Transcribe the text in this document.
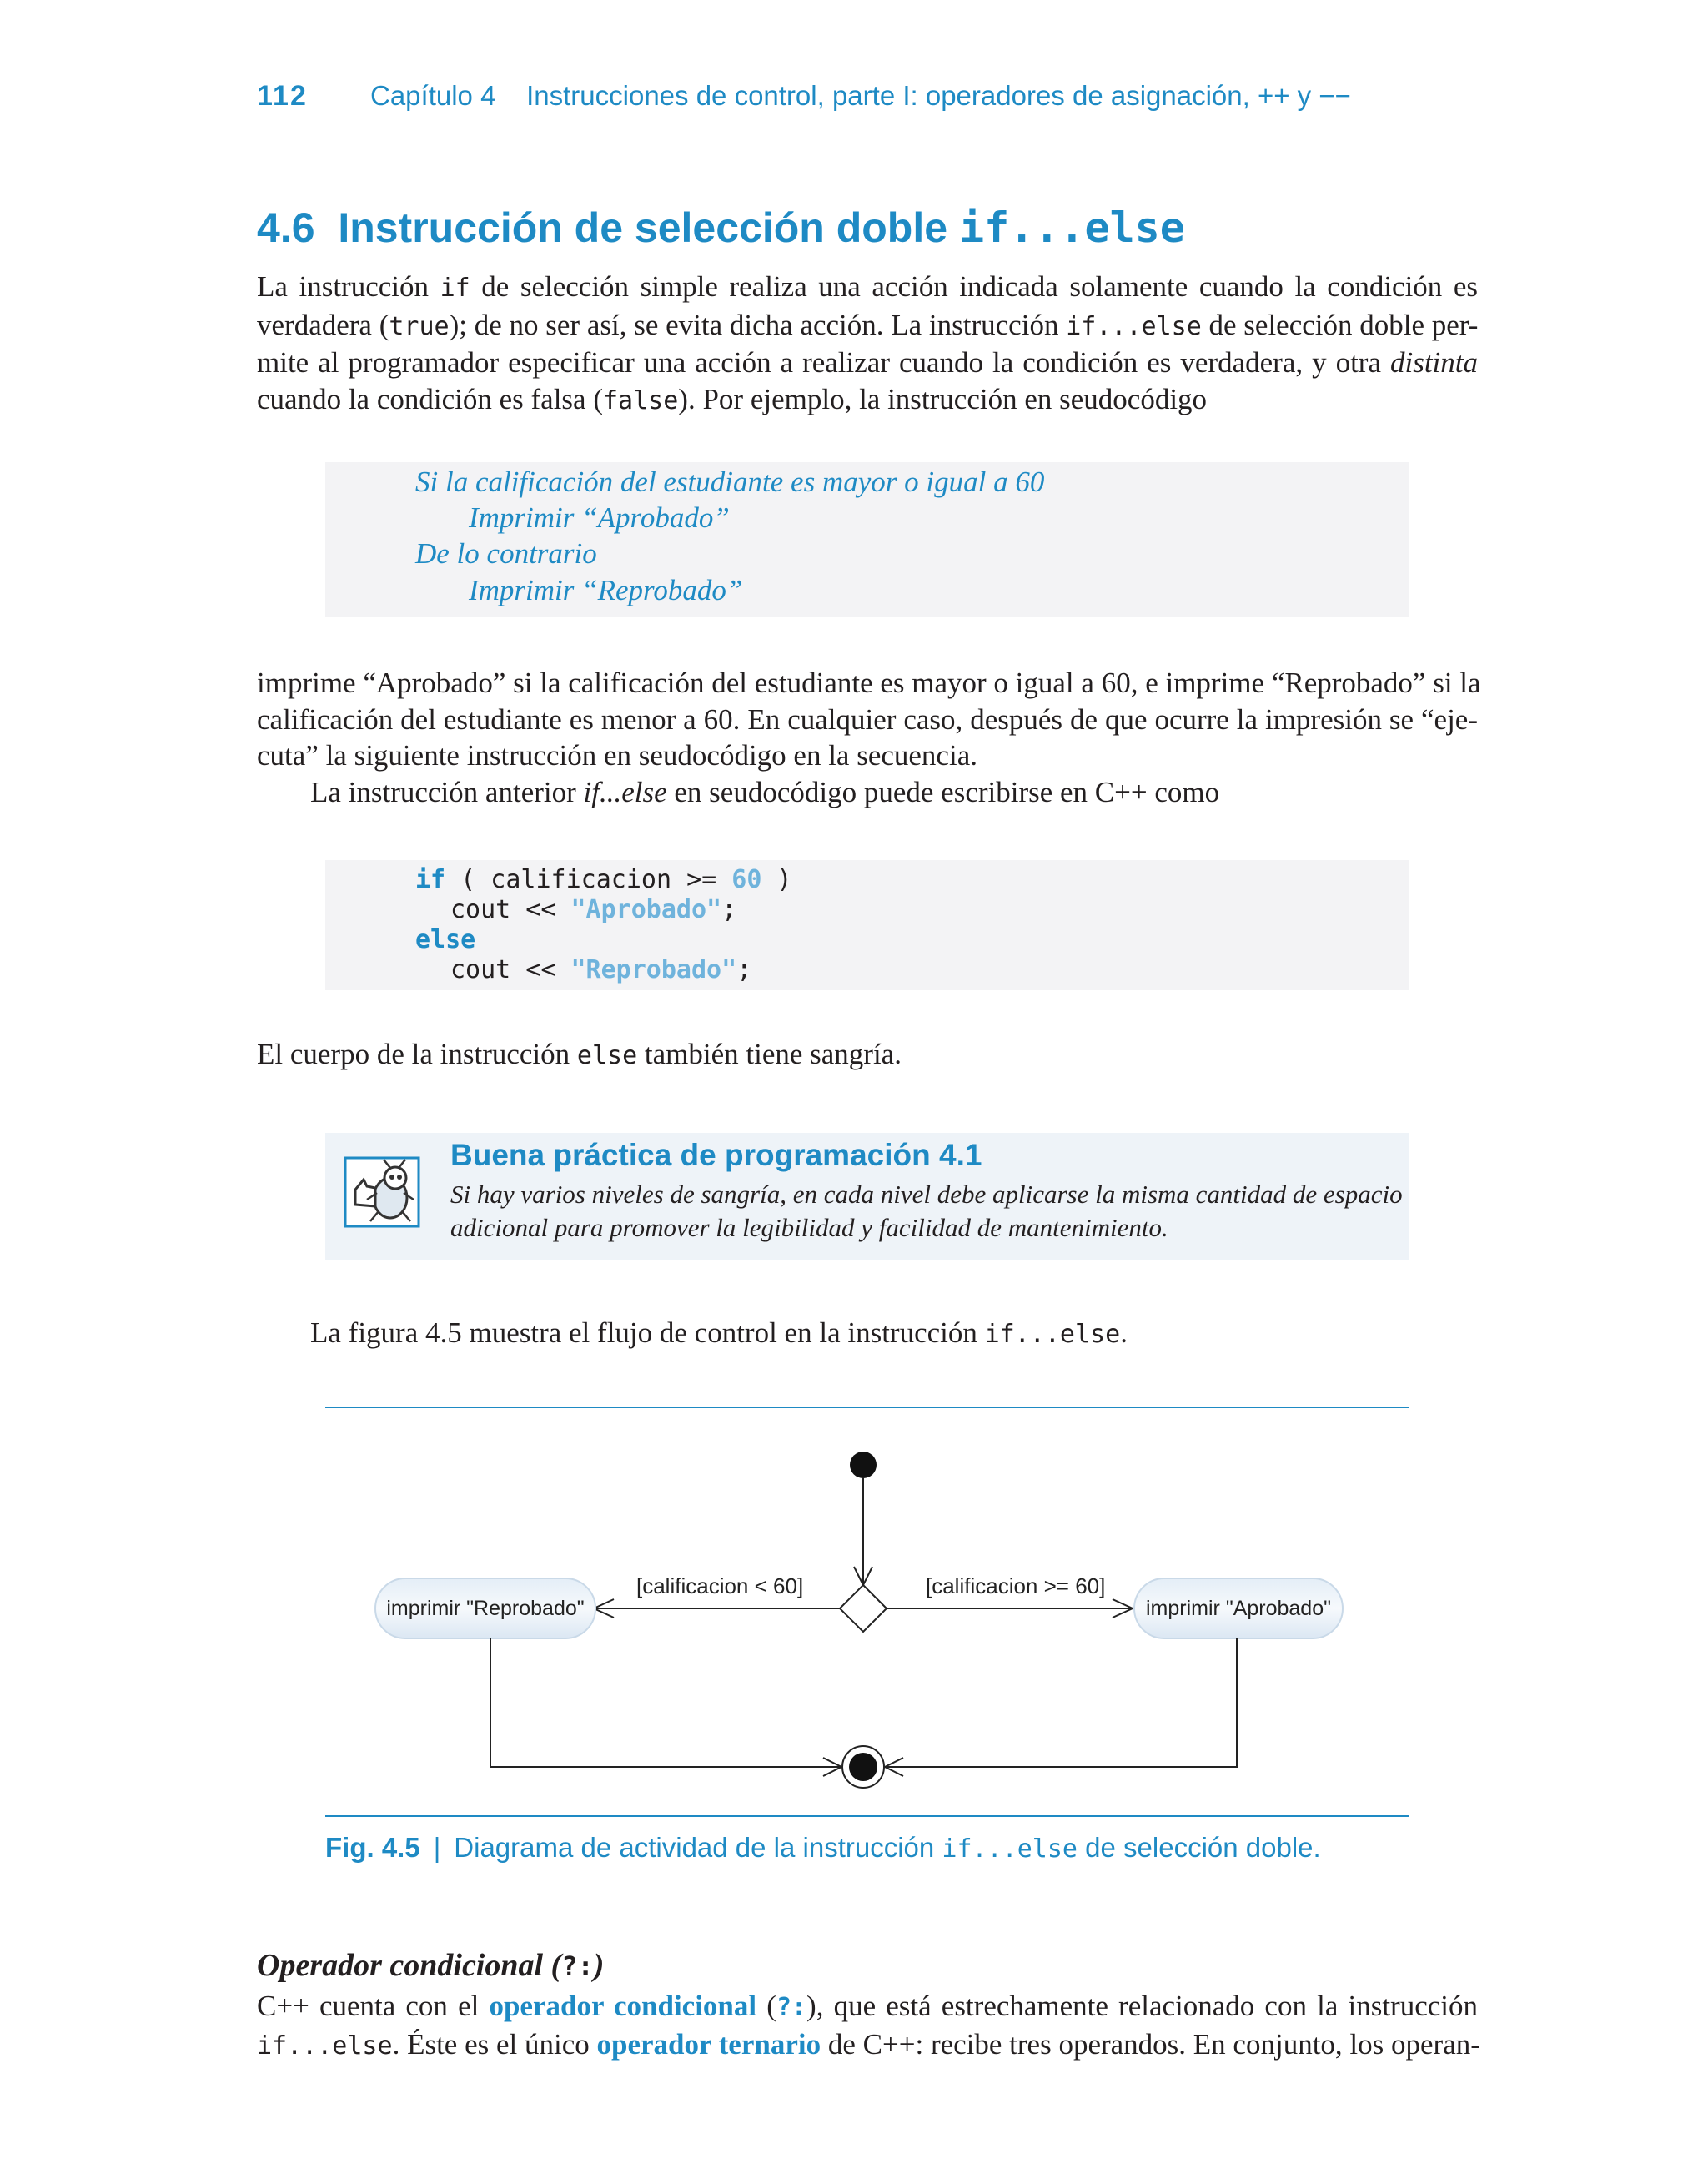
112 Capítulo 4    Instrucciones de control, parte I: operadores de asignación, ++ y −−
4.6 Instrucción de selección doble if...else
La instrucción if de selección simple realiza una acción indicada solamente cuando la condición es
verdadera (true); de no ser así, se evita dicha acción. La instrucción if...else de selección doble per-
mite al programador especificar una acción a realizar cuando la condición es verdadera, y otra distinta
cuando la condición es falsa (false). Por ejemplo, la instrucción en seudocódigo
Si la calificación del estudiante es mayor o igual a 60
Imprimir “Aprobado”
De lo contrario
Imprimir “Reprobado”
imprime “Aprobado” si la calificación del estudiante es mayor o igual a 60, e imprime “Reprobado” si la
calificación del estudiante es menor a 60. En cualquier caso, después de que ocurre la impresión se “eje-
cuta” la siguiente instrucción en seudocódigo en la secuencia.
La instrucción anterior if...else en seudocódigo puede escribirse en C++ como
if ( calificacion >= 60 )
cout << "Aprobado";
else
cout << "Reprobado";
El cuerpo de la instrucción else también tiene sangría.
Buena práctica de programación 4.1
Si hay varios niveles de sangría, en cada nivel debe aplicarse la misma cantidad de espacio
adicional para promover la legibilidad y facilidad de mantenimiento.
La figura 4.5 muestra el flujo de control en la instrucción if...else.
[calificacion < 60]	[calificacion >= 60]
imprimir "Reprobado"	imprimir "Aprobado"
Fig. 4.5 | Diagrama de actividad de la instrucción if...else de selección doble.
Operador condicional (?:)
C++ cuenta con el operador condicional (?:), que está estrechamente relacionado con la instrucción
if...else. Éste es el único operador ternario de C++: recibe tres operandos. En conjunto, los operan-
